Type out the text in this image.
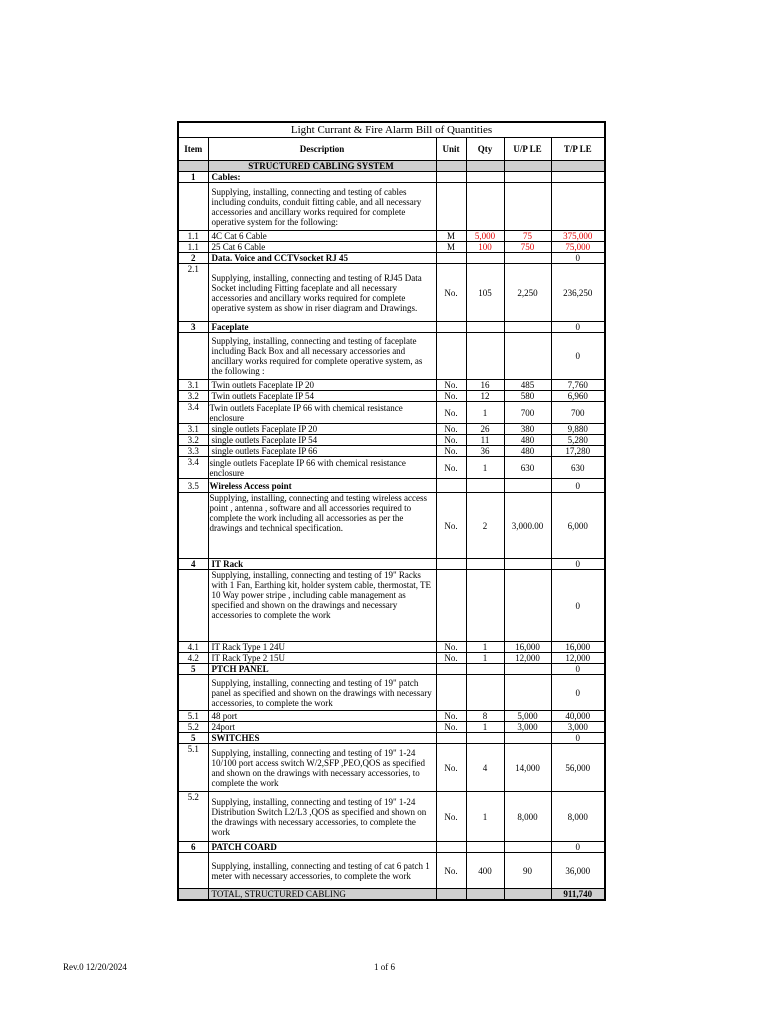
Light Currant & Fire Alarm Bill of Quantities					
Item	Description	Unit	Qty	U/P LE	T/P LE
	STRUCTURED CABLING SYSTEM				
1	Cables:				
	Supplying, installing, connecting and testing of cables including conduits, conduit fitting cable, and all necessary accessories and ancillary works required for complete operative system for the following:				
1.1	4C Cat 6 Cable	M	5,000	75	375,000
1.1	25 Cat 6 Cable	M	100	750	75,000
2	Data. Voice and CCTVsocket RJ 45				0
2.1	Supplying, installing, connecting and testing of RJ45 Data Socket including Fitting faceplate and all necessary accessories and ancillary works required for complete operative system as show in riser diagram and Drawings.	No.	105	2,250	236,250
3	Faceplate				0
	Supplying, installing, connecting and testing of faceplate including Back Box and all necessary accessories and ancillary works required for complete operative system, as the following :				0
3.1	Twin outlets Faceplate IP 20	No.	16	485	7,760
3.2	Twin outlets Faceplate IP 54	No.	12	580	6,960
3.4	Twin outlets Faceplate IP 66 with chemical resistance enclosure	No.	1	700	700
3.1	single outlets Faceplate IP 20	No.	26	380	9,880
3.2	single outlets Faceplate IP 54	No.	11	480	5,280
3.3	single outlets Faceplate IP 66	No.	36	480	17,280
3.4	single outlets Faceplate IP 66 with chemical resistance enclosure	No.	1	630	630
3.5	Wireless Access point				0
	Supplying, installing, connecting and testing wireless access point , antenna , software and all accessories required to complete the work including all accessories as per the drawings and technical specification.	No.	2	3,000.00	6,000
4	IT Rack				0
	Supplying, installing, connecting and testing of 19" Racks with 1 Fan, Earthing kit, holder system cable, thermostat, TE 10 Way power stripe , including cable management as specified and shown on the drawings and necessary accessories to complete the work				0
4.1	IT Rack Type 1 24U	No.	1	16,000	16,000
4.2	IT Rack Type 2 15U	No.	1	12,000	12,000
5	PTCH PANEL				0
	Supplying, installing, connecting and testing of 19" patch panel as specified and shown on the drawings with necessary accessories, to complete the work				0
5.1	48 port	No.	8	5,000	40,000
5.2	24port	No.	1	3,000	3,000
5	SWITCHES				0
5.1	Supplying, installing, connecting and testing of 19" 1-24 10/100 port access switch W/2,SFP ,PEO,QOS as specified and shown on the drawings with necessary accessories, to complete the work	No.	4	14,000	56,000
5.2	Supplying, installing, connecting and testing of 19" 1-24 Distribution Switch L2/L3 ,QOS as specified and shown on the drawings with necessary accessories, to complete the work	No.	1	8,000	8,000
6	PATCH COARD				0
	Supplying, installing, connecting and testing of cat 6 patch 1 meter with necessary accessories, to complete the work	No.	400	90	36,000
	TOTAL, STRUCTURED CABLING				911,740
Rev.0 12/20/2024	1 of 6
